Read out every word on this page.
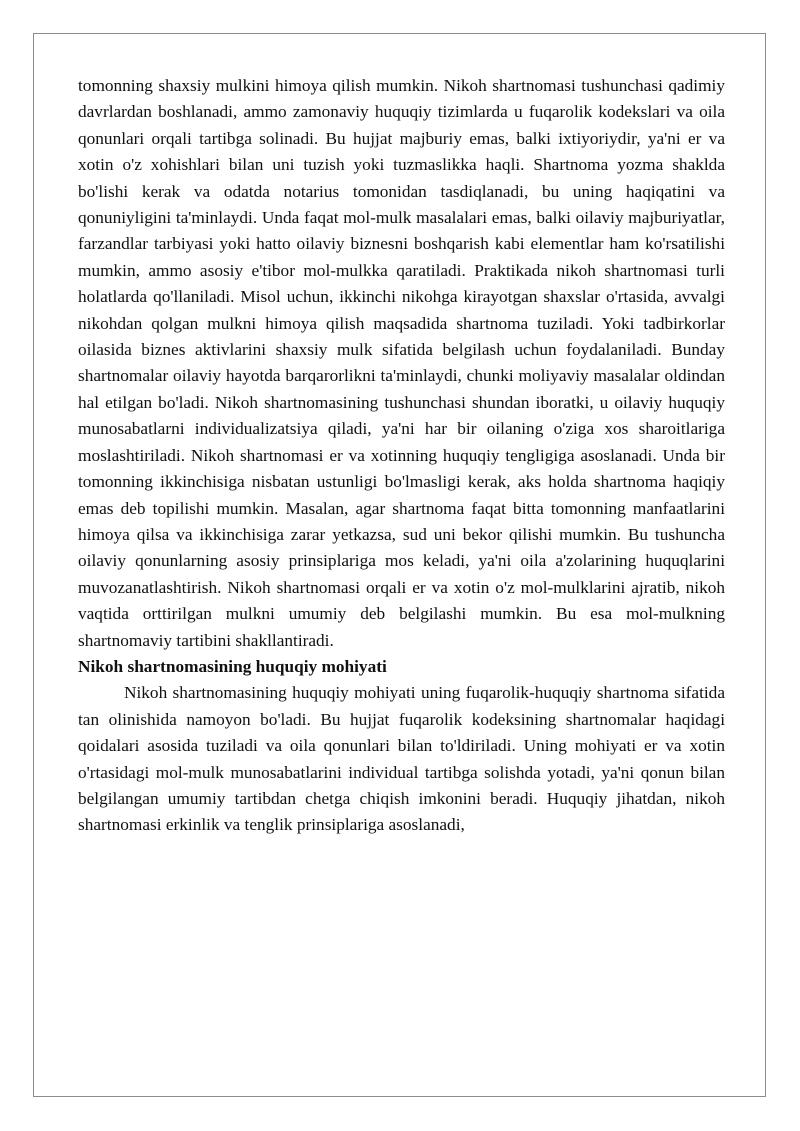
tomonning shaxsiy mulkini himoya qilish mumkin. Nikoh shartnomasi tushunchasi qadimiy davrlardan boshlanadi, ammo zamonaviy huquqiy tizimlarda u fuqarolik kodekslari va oila qonunlari orqali tartibga solinadi. Bu hujjat majburiy emas, balki ixtiyoriydir, ya'ni er va xotin o'z xohishlari bilan uni tuzish yoki tuzmaslikka haqli. Shartnoma yozma shaklda bo'lishi kerak va odatda notarius tomonidan tasdiqlanadi, bu uning haqiqatini va qonuniyligini ta'minlaydi. Unda faqat mol-mulk masalalari emas, balki oilaviy majburiyatlar, farzandlar tarbiyasi yoki hatto oilaviy biznesni boshqarish kabi elementlar ham ko'rsatilishi mumkin, ammo asosiy e'tibor mol-mulkka qaratiladi. Praktikada nikoh shartnomasi turli holatlarda qo'llaniladi. Misol uchun, ikkinchi nikohga kirayotgan shaxslar o'rtasida, avvalgi nikohdan qolgan mulkni himoya qilish maqsadida shartnoma tuziladi. Yoki tadbirkorlar oilasida biznes aktivlarini shaxsiy mulk sifatida belgilash uchun foydalaniladi. Bunday shartnomalar oilaviy hayotda barqarorlikni ta'minlaydi, chunki moliyaviy masalalar oldindan hal etilgan bo'ladi. Nikoh shartnomasining tushunchasi shundan iboratki, u oilaviy huquqiy munosabatlarni individualizatsiya qiladi, ya'ni har bir oilaning o'ziga xos sharoitlariga moslashtiriladi. Nikoh shartnomasi er va xotinning huquqiy tengligiga asoslanadi. Unda bir tomonning ikkinchisiga nisbatan ustunligi bo'lmasligi kerak, aks holda shartnoma haqiqiy emas deb topilishi mumkin. Masalan, agar shartnoma faqat bitta tomonning manfaatlarini himoya qilsa va ikkinchisiga zarar yetkazsa, sud uni bekor qilishi mumkin. Bu tushuncha oilaviy qonunlarning asosiy prinsiplariga mos keladi, ya'ni oila a'zolarining huquqlarini muvozanatlashtirish. Nikoh shartnomasi orqali er va xotin o'z mol-mulklarini ajratib, nikoh vaqtida orttirilgan mulkni umumiy deb belgilashi mumkin. Bu esa mol-mulkning shartnomaviy tartibini shakllantiradi.

Nikoh shartnomasining huquqiy mohiyati

Nikoh shartnomasining huquqiy mohiyati uning fuqarolik-huquqiy shartnoma sifatida tan olinishida namoyon bo'ladi. Bu hujjat fuqarolik kodeksining shartnomalar haqidagi qoidalari asosida tuziladi va oila qonunlari bilan to'ldiriladi. Uning mohiyati er va xotin o'rtasidagi mol-mulk munosabatlarini individual tartibga solishda yotadi, ya'ni qonun bilan belgilangan umumiy tartibdan chetga chiqish imkonini beradi. Huquqiy jihatdan, nikoh shartnomasi erkinlik va tenglik prinsiplariga asoslanadi,
